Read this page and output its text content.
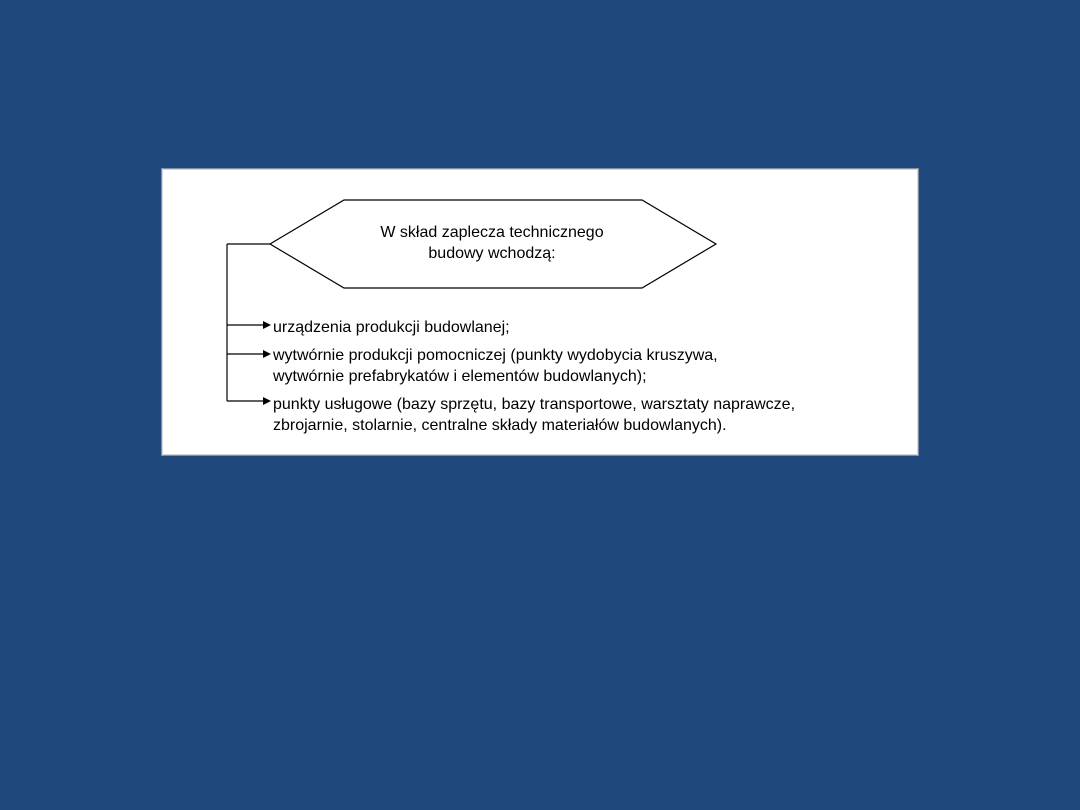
W skład zaplecza technicznego
budowy wchodzą:
urządzenia produkcji budowlanej;
wytwórnie produkcji pomocniczej (punkty wydobycia kruszywa,
wytwórnie prefabrykatów i elementów budowlanych);
punkty usługowe (bazy sprzętu, bazy transportowe, warsztaty naprawcze,
zbrojarnie, stolarnie, centralne składy materiałów budowlanych).
